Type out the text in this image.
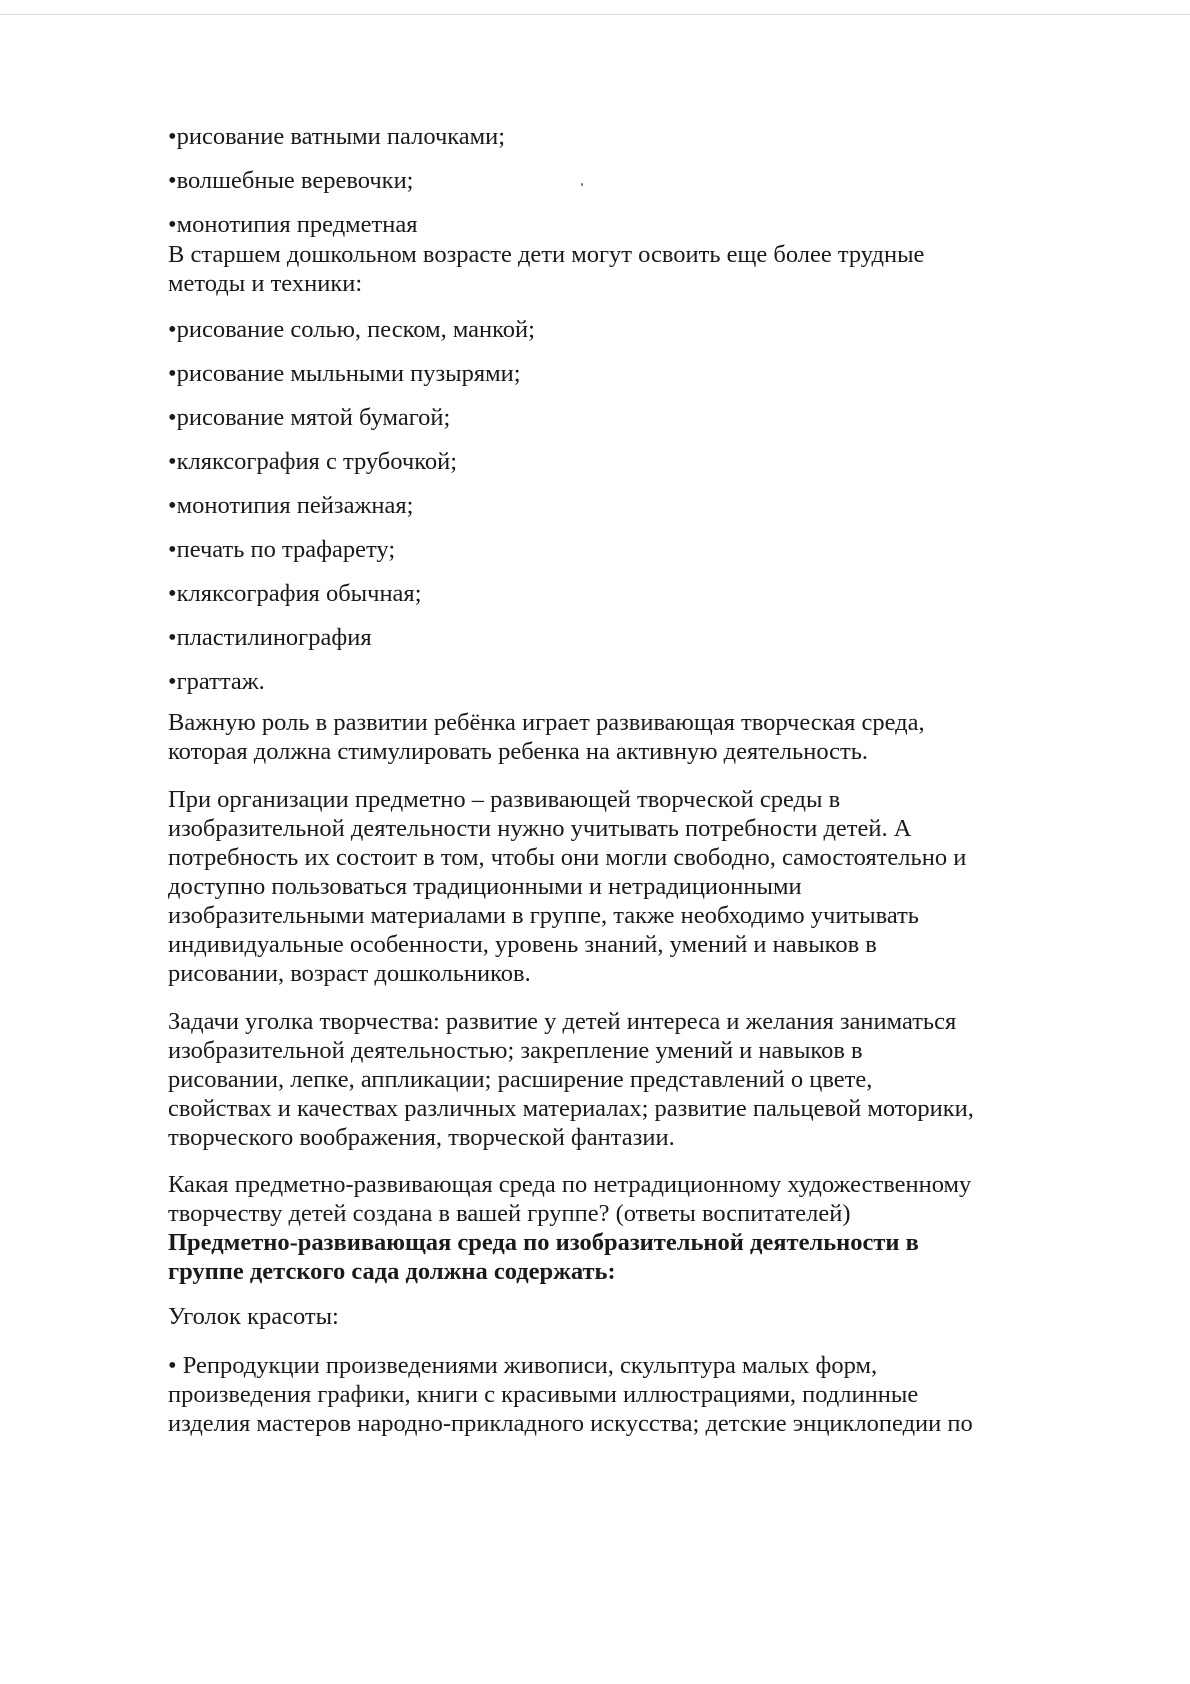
•рисование ватными палочками;
•волшебные веревочки;
•монотипия предметная
В старшем дошкольном возрасте дети могут освоить еще более трудные
методы и техники:
•рисование солью, песком, манкой;
•рисование мыльными пузырями;
•рисование мятой бумагой;
•кляксография с трубочкой;
•монотипия пейзажная;
•печать по трафарету;
•кляксография обычная;
•пластилинография
•граттаж.
Важную роль в развитии ребёнка играет развивающая творческая среда,
которая должна стимулировать ребенка на активную деятельность.
При организации предметно – развивающей творческой среды в
изобразительной деятельности нужно учитывать потребности детей. А
потребность их состоит в том, чтобы они могли свободно, самостоятельно и
доступно пользоваться традиционными и нетрадиционными
изобразительными материалами в группе, также необходимо учитывать
индивидуальные особенности, уровень знаний, умений и навыков в
рисовании, возраст дошкольников.
Задачи уголка творчества: развитие у детей интереса и желания заниматься
изобразительной деятельностью; закрепление умений и навыков в
рисовании, лепке, аппликации; расширение представлений о цвете,
свойствах и качествах различных материалах; развитие пальцевой моторики,
творческого воображения, творческой фантазии.
Какая предметно-развивающая среда по нетрадиционному художественному
творчеству детей создана в вашей группе? (ответы воспитателей)
Предметно-развивающая среда по изобразительной деятельности в
группе детского сада должна содержать:
Уголок красоты:
• Репродукции произведениями живописи, скульптура малых форм,
произведения графики, книги с красивыми иллюстрациями, подлинные
изделия мастеров народно-прикладного искусства; детские энциклопедии по
